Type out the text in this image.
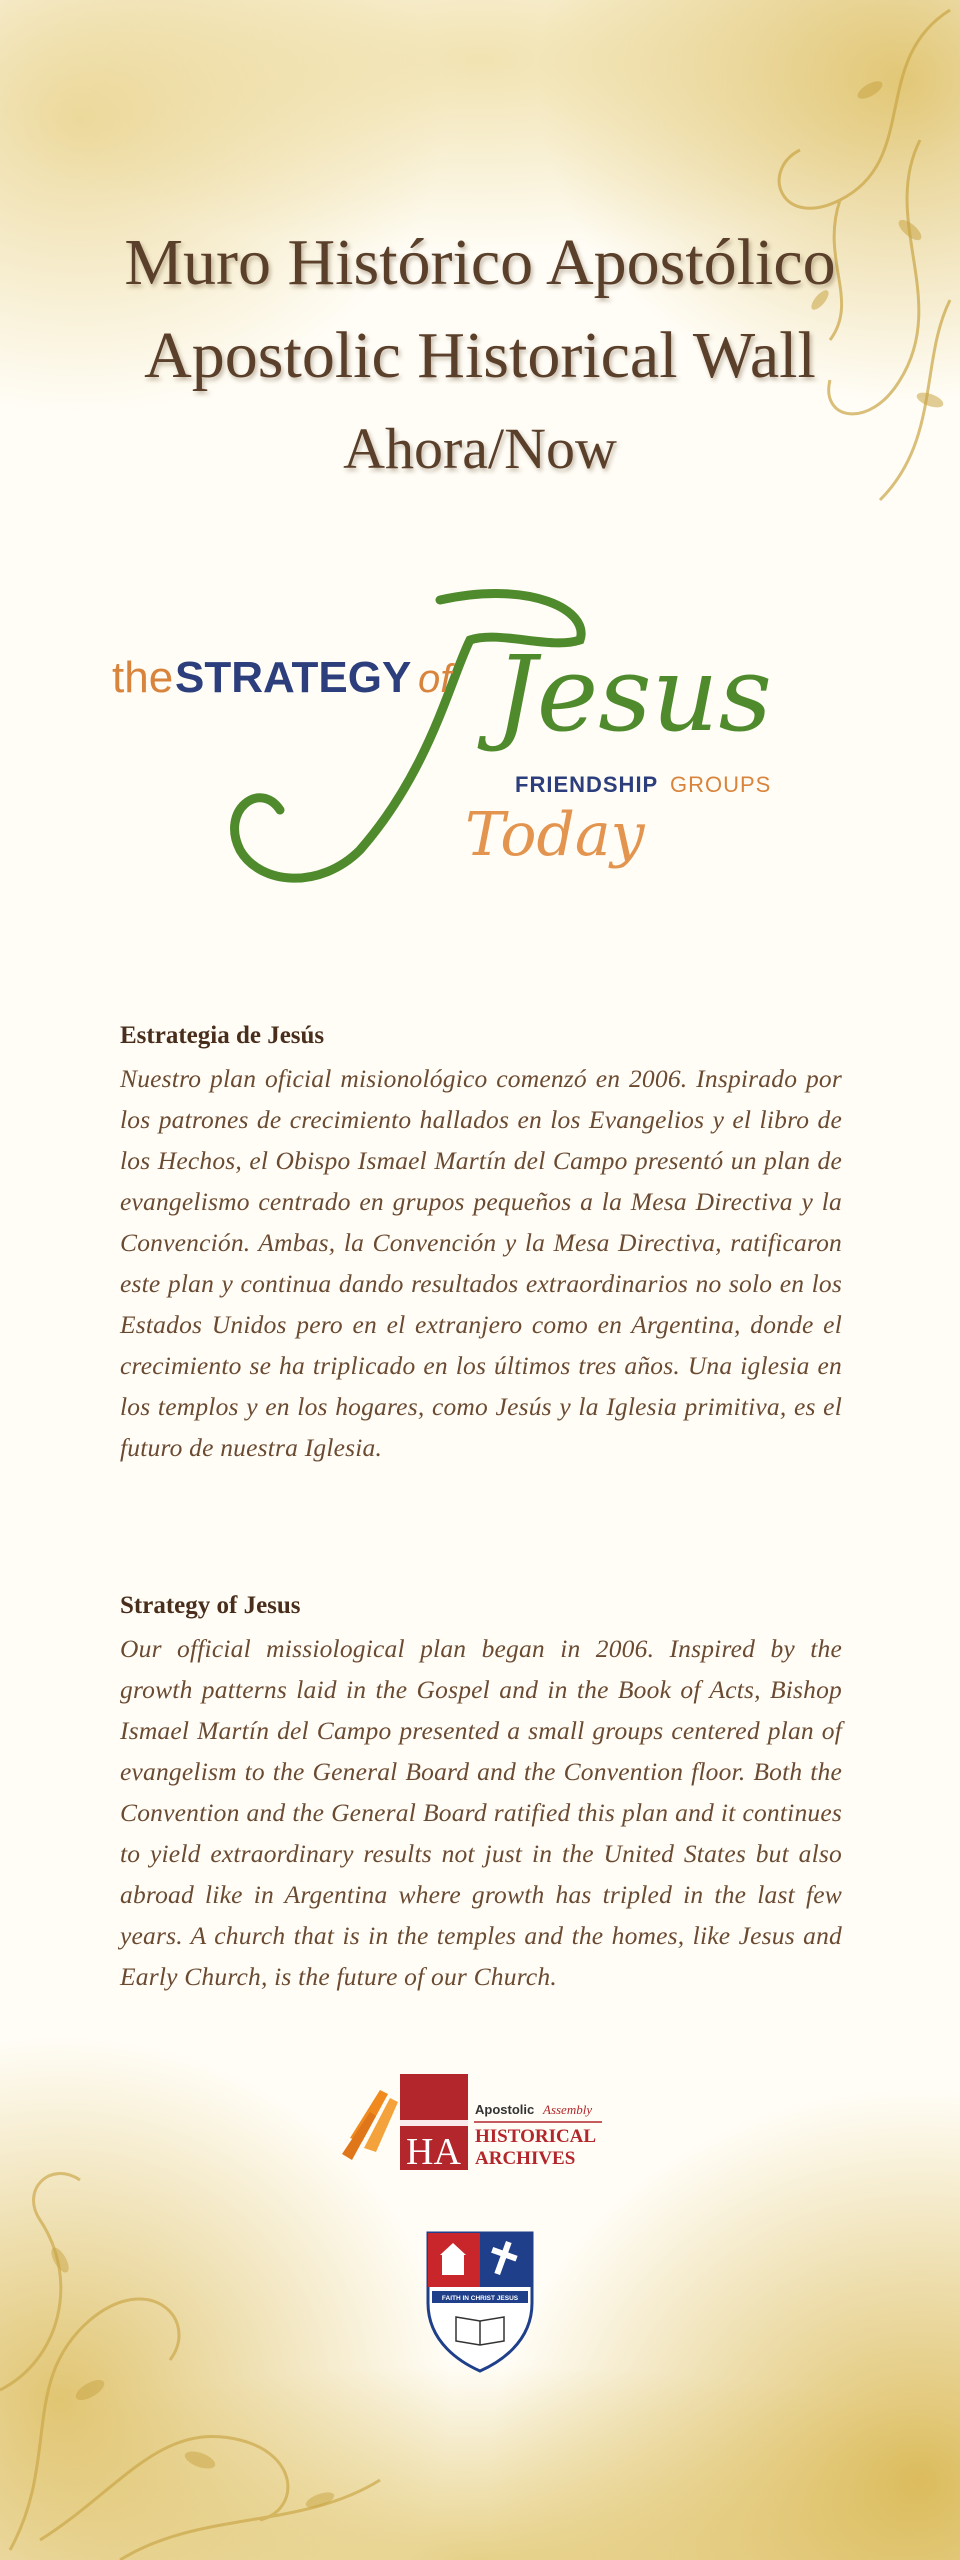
Muro Histórico Apostólico
Apostolic Historical Wall
Ahora/Now
the STRATEGY of Jesus
FRIENDSHIP GROUPS
Today
Estrategia de Jesús

Nuestro plan oficial misionológico comenzó en 2006. Inspirado por los patrones de crecimiento hallados en los Evangelios y el libro de los Hechos, el Obispo Ismael Martín del Campo presentó un plan de evangelismo centrado en grupos pequeños a la Mesa Directiva y la Convención. Ambas, la Convención y la Mesa Directiva, ratificaron este plan y continua dando resultados extraordinarios no solo en los Estados Unidos pero en el extranjero como en Argentina, donde el crecimiento se ha triplicado en los últimos tres años. Una iglesia en los templos y en los hogares, como Jesús y la Iglesia primitiva, es el futuro de nuestra Iglesia.

Strategy of Jesus

Our official missiological plan began in 2006. Inspired by the growth patterns laid in the Gospel and in the Book of Acts, Bishop Ismael Martín del Campo presented a small groups centered plan of evangelism to the General Board and the Convention floor. Both the Convention and the General Board ratified this plan and it continues to yield extraordinary results not just in the United States but also abroad like in Argentina where growth has tripled in the last few years. A church that is in the temples and the homes, like Jesus and Early Church, is the future of our Church.

HA
Apostolic Assembly
HISTORICAL
ARCHIVES
FAITH IN CHRIST JESUS
